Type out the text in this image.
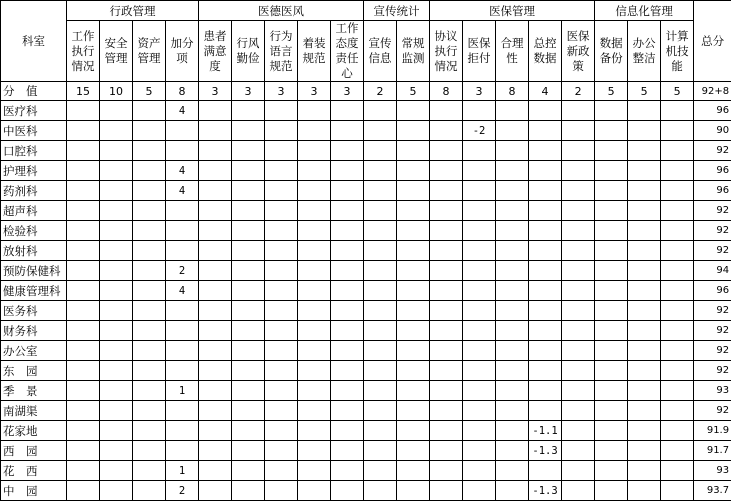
科室	行政管理				医德医风					宣传统计		医保管理					信息化管理			总分
	工作执行情况	安全管理	资产管理	加分项	患者满意度	行风勤俭	行为语言规范	着装规范	工作态度责任心	宣传信息	常规监测	协议执行情况	医保拒付	合理性	总控数据	医保新政策	数据备份	办公整洁	计算机技能	
分　值	15	10	5	8	3	3	3	3	3	2	5	8	3	8	4	2	5	5	5	92+8
医疗科				4																96
中医科													-2							90
口腔科																				92
护理科				4																96
药剂科				4																96
超声科																				92
检验科																				92
放射科																				92
预防保健科				2																94
健康管理科				4																96
医务科																				92
财务科																				92
办公室																				92
东　园																				92
季　景				1																93
南湖渠																				92
花家地															-1.1					91.9
西　园															-1.3					91.7
花　西				1																93
中　园				2											-1.3					93.7
